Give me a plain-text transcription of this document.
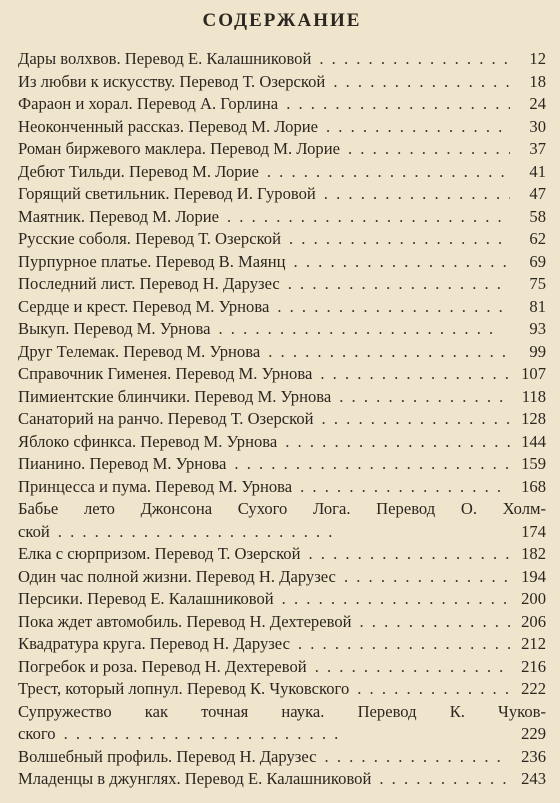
СОДЕРЖАНИЕ
Дары волхвов. Перевод Е. Калашниковой . .	12
Из любви к искусству. Перевод Т. Озерской . .	18
Фараон и хорал. Перевод А. Горлина . .	24
Неоконченный рассказ. Перевод М. Лорие . .	30
Роман биржевого маклера. Перевод М. Лорие . .	37
Дебют Тильди. Перевод М. Лорие . .	41
Горящий светильник. Перевод И. Гуровой . .	47
Маятник. Перевод М. Лорие . .	58
Русские соболя. Перевод Т. Озерской . .	62
Пурпурное платье. Перевод В. Маянц . .	69
Последний лист. Перевод Н. Дарузес . .	75
Сердце и крест. Перевод М. Урнова . .	81
Выкуп. Перевод М. Урнова . .	93
Друг Телемак. Перевод М. Урнова . .	99
Справочник Гименея. Перевод М. Урнова . .	107
Пимиентские блинчики. Перевод М. Урнова . .	118
Санаторий на ранчо. Перевод Т. Озерской . .	128
Яблоко сфинкса. Перевод М. Урнова . .	144
Пианино. Перевод М. Урнова . .	159
Принцесса и пума. Перевод М. Урнова . .	168
Бабье лето Джонсона Сухого Лога. Перевод О. Холм-
ской . .	174
Елка с сюрпризом. Перевод Т. Озерской . .	182
Один час полной жизни. Перевод Н. Дарузес . .	194
Персики. Перевод Е. Калашниковой . .	200
Пока ждет автомобиль. Перевод Н. Дехтеревой . .	206
Квадратура круга. Перевод Н. Дарузес . .	212
Погребок и роза. Перевод Н. Дехтеревой . .	216
Трест, который лопнул. Перевод К. Чуковского . .	222
Супружество как точная наука. Перевод К. Чуков-
ского . .	229
Волшебный профиль. Перевод Н. Дарузес . .	236
Младенцы в джунглях. Перевод Е. Калашниковой . .	243
